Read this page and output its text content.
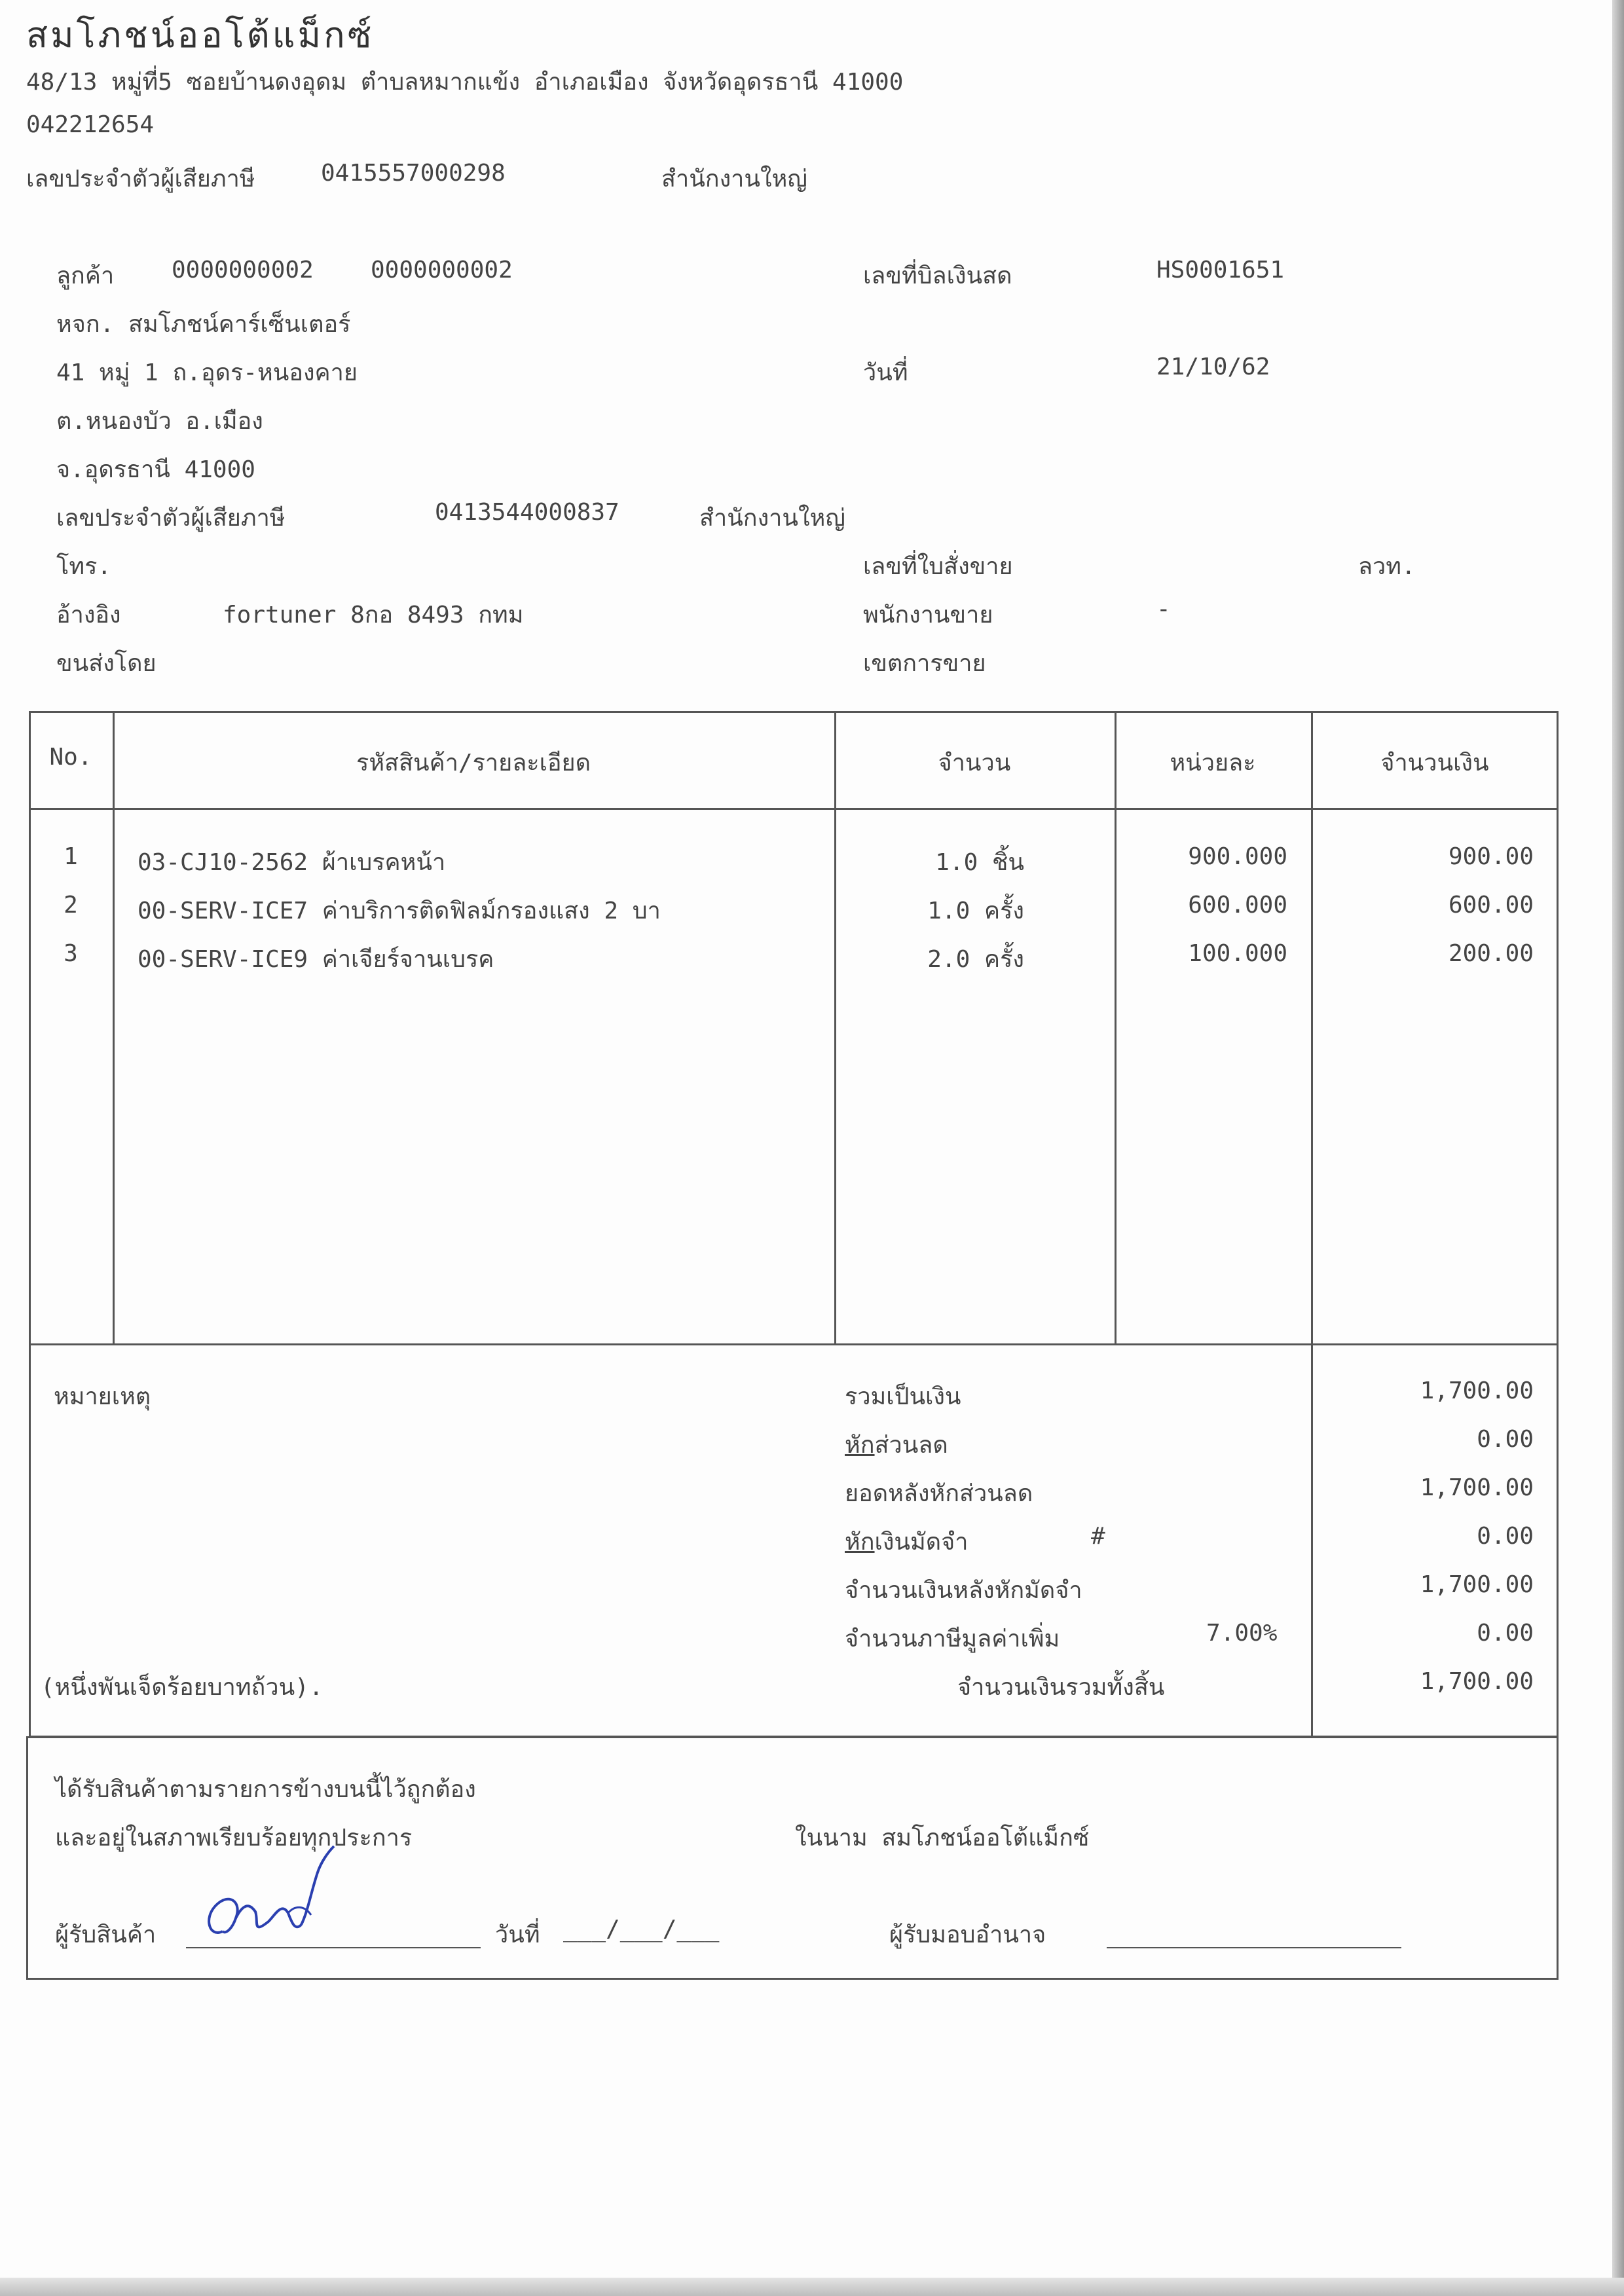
สมโภชน์ออโต้แม็กซ์
48/13 หมู่ที่5 ซอยบ้านดงอุดม ตำบลหมากแข้ง อำเภอเมือง จังหวัดอุดรธานี 41000
042212654
เลขประจำตัวผู้เสียภาษี	0415557000298	สำนักงานใหญ่
ลูกค้า 0000000002 0000000002
หจก. สมโภชน์คาร์เซ็นเตอร์
41 หมู่ 1 ถ.อุดร-หนองคาย
ต.หนองบัว อ.เมือง
จ.อุดรธานี 41000
เลขประจำตัวผู้เสียภาษี	0413544000837	สำนักงานใหญ่
โทร.
อ้างอิง	fortuner 8กอ 8493 กทม
ขนส่งโดย
เลขที่บิลเงินสด	HS0001651
วันที่	21/10/62
เลขที่ใบสั่งขาย	ลวท.
พนักงานขาย	-
เขตการขาย
No.	รหัสสินค้า/รายละเอียด	จำนวน	หน่วยละ	จำนวนเงิน
1	03-CJ10-2562 ผ้าเบรคหน้า	1.0 ชิ้น	900.000	900.00
2	00-SERV-ICE7 ค่าบริการติดฟิลม์กรองแสง 2 บา	1.0 ครั้ง	600.000	600.00
3	00-SERV-ICE9 ค่าเจียร์จานเบรค	2.0 ครั้ง	100.000	200.00
หมายเหตุ	รวมเป็นเงิน	1,700.00
หักส่วนลด	0.00
ยอดหลังหักส่วนลด	1,700.00
หักเงินมัดจำ	#	0.00
จำนวนเงินหลังหักมัดจำ	1,700.00
จำนวนภาษีมูลค่าเพิ่ม	7.00%	0.00
(หนึ่งพันเจ็ดร้อยบาทถ้วน).	จำนวนเงินรวมทั้งสิ้น	1,700.00
ได้รับสินค้าตามรายการข้างบนนี้ไว้ถูกต้อง
และอยู่ในสภาพเรียบร้อยทุกประการ	ในนาม สมโภชน์ออโต้แม็กซ์
ผู้รับสินค้า	วันที่ ___/___/___	ผู้รับมอบอำนาจ
